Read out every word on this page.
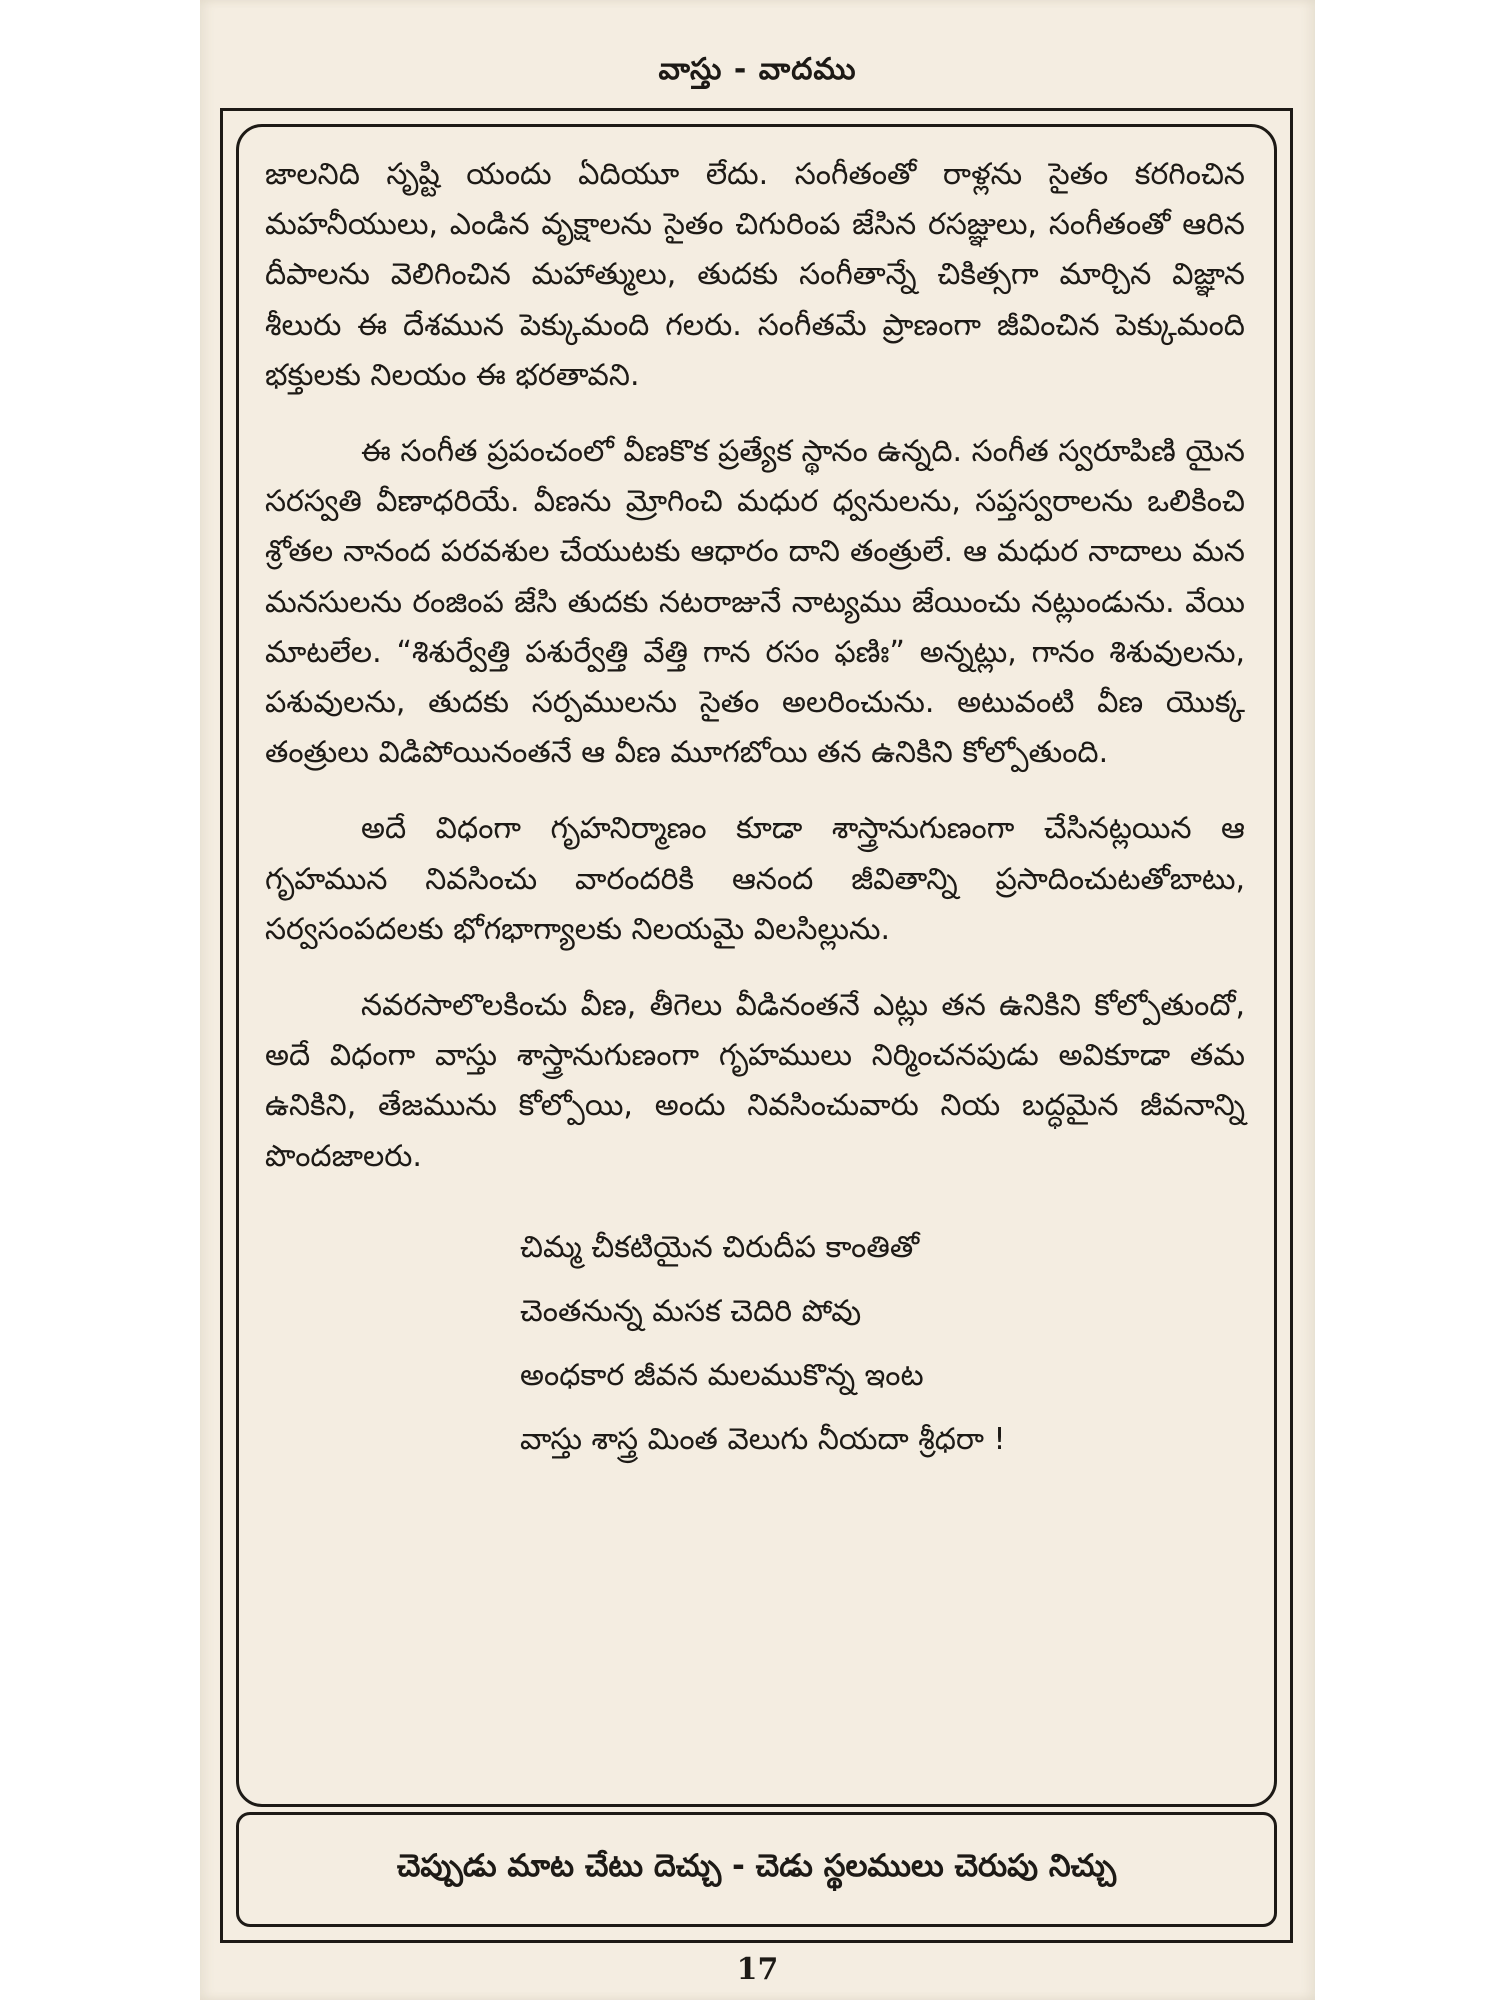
వాస్తు - వాదము

జాలనిది సృష్టి యందు ఏదియూ లేదు. సంగీతంతో రాళ్లను సైతం కరగించిన మహనీయులు, ఎండిన వృక్షాలను సైతం చిగురింప జేసిన రసజ్ఞులు, సంగీతంతో ఆరిన దీపాలను వెలిగించిన మహాత్ములు, తుదకు సంగీతాన్నే చికిత్సగా మార్చిన విజ్ఞాన శీలురు ఈ దేశమున పెక్కుమంది గలరు. సంగీతమే ప్రాణంగా జీవించిన పెక్కుమంది భక్తులకు నిలయం ఈ భరతావని.

ఈ సంగీత ప్రపంచంలో వీణకొక ప్రత్యేక స్థానం ఉన్నది. సంగీత స్వరూపిణి యైన సరస్వతి వీణాధరియే. వీణను మ్రోగించి మధుర ధ్వనులను, సప్తస్వరాలను ఒలికించి శ్రోతల నానంద పరవశుల చేయుటకు ఆధారం దాని తంత్రులే. ఆ మధుర నాదాలు మన మనసులను రంజింప జేసి తుదకు నటరాజునే నాట్యము జేయించు నట్లుండును. వేయి మాటలేల. “శిశుర్వేత్తి పశుర్వేత్తి వేత్తి గాన రసం ఫణిః” అన్నట్లు, గానం శిశువులను, పశువులను, తుదకు సర్పములను సైతం అలరించును. అటువంటి వీణ యొక్క తంత్రులు విడిపోయినంతనే ఆ వీణ మూగబోయి తన ఉనికిని కోల్పోతుంది.

అదే విధంగా గృహనిర్మాణం కూడా శాస్త్రానుగుణంగా చేసినట్లయిన ఆ గృహమున నివసించు వారందరికి ఆనంద జీవితాన్ని ప్రసాదించుటతోబాటు, సర్వసంపదలకు భోగభాగ్యాలకు నిలయమై విలసిల్లును.

నవరసాలొలకించు వీణ, తీగెలు వీడినంతనే ఎట్లు తన ఉనికిని కోల్పోతుందో, అదే విధంగా వాస్తు శాస్త్రానుగుణంగా గృహములు నిర్మించనపుడు అవికూడా తమ ఉనికిని, తేజమును కోల్పోయి, అందు నివసించువారు నియ బద్ధమైన జీవనాన్ని పొందజాలరు.

చిమ్మ చీకటియైన చిరుదీప కాంతితో
చెంతనున్న మసక చెదిరి పోవు
అంధకార జీవన మలముకొన్న ఇంట
వాస్తు శాస్త్ర మింత వెలుగు నీయదా శ్రీధరా !
చెప్పుడు మాట చేటు దెచ్చు - చెడు స్థలములు చెరుపు నిచ్చు
17
